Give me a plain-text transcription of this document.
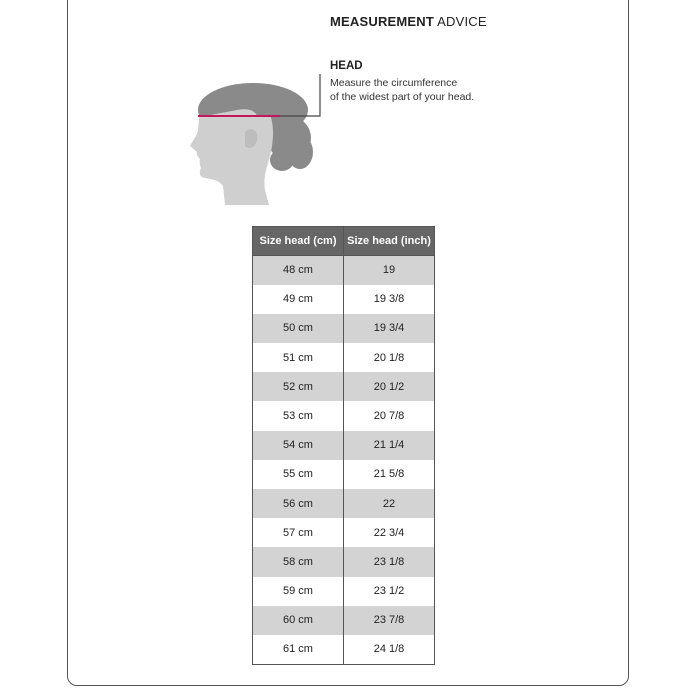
MEASUREMENT ADVICE
HEAD
Measure the circumference
of the widest part of your head.
Size head (cm)	Size head (inch)
48 cm	19
49 cm	19 3/8
50 cm	19 3/4
51 cm	20 1/8
52 cm	20 1/2
53 cm	20 7/8
54 cm	21 1/4
55 cm	21 5/8
56 cm	22
57 cm	22 3/4
58 cm	23 1/8
59 cm	23 1/2
60 cm	23 7/8
61 cm	24 1/8
